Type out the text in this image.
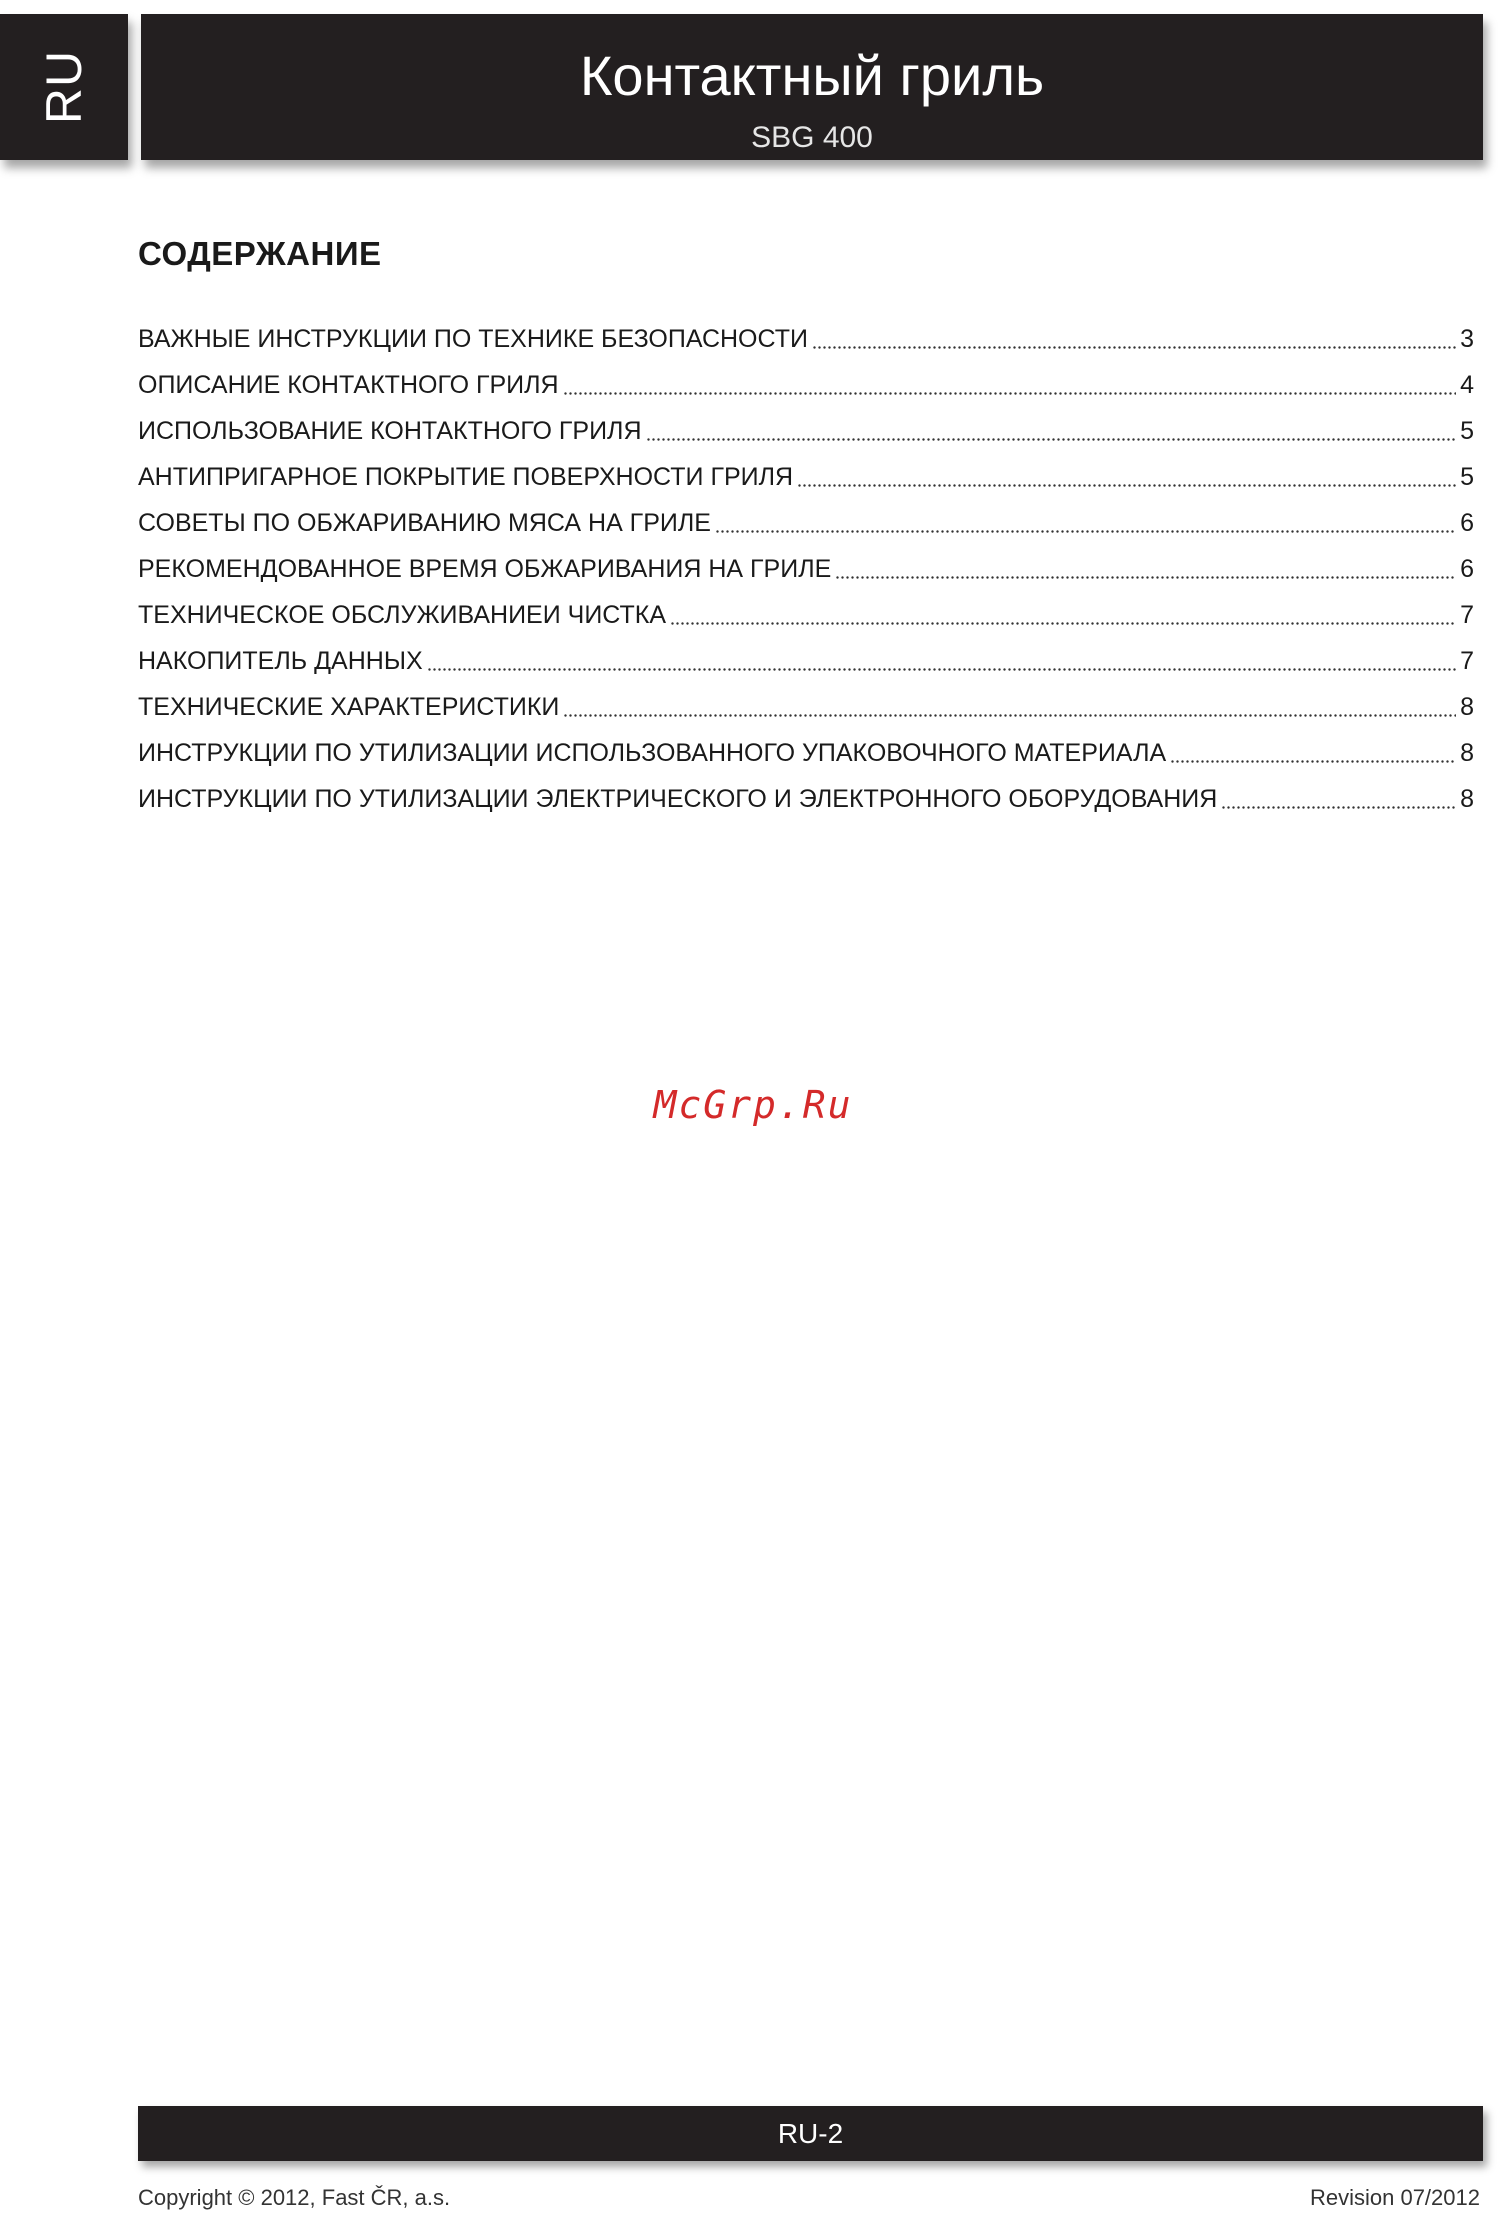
RU	Контактный гриль
SBG 400
СОДЕРЖАНИЕ
ВАЖНЫЕ ИНСТРУКЦИИ ПО ТЕХНИКЕ БЕЗОПАСНОСТИ	3
ОПИСАНИЕ КОНТАКТНОГО ГРИЛЯ	4
ИСПОЛЬЗОВАНИЕ КОНТАКТНОГО ГРИЛЯ	5
АНТИПРИГАРНОЕ ПОКРЫТИЕ ПОВЕРХНОСТИ ГРИЛЯ	5
СОВЕТЫ ПО ОБЖАРИВАНИЮ МЯСА НА ГРИЛЕ	6
РЕКОМЕНДОВАННОЕ ВРЕМЯ ОБЖАРИВАНИЯ НА ГРИЛЕ	6
ТЕХНИЧЕСКОЕ ОБСЛУЖИВАНИЕИ ЧИСТКА	7
НАКОПИТЕЛЬ ДАННЫХ	7
ТЕХНИЧЕСКИЕ ХАРАКТЕРИСТИКИ	8
ИНСТРУКЦИИ ПО УТИЛИЗАЦИИ ИСПОЛЬЗОВАННОГО УПАКОВОЧНОГО МАТЕРИАЛА	8
ИНСТРУКЦИИ ПО УТИЛИЗАЦИИ ЭЛЕКТРИЧЕСКОГО И ЭЛЕКТРОННОГО ОБОРУДОВАНИЯ	8
McGrp.Ru
RU-2
Copyright © 2012, Fast ČR, a.s.	Revision 07/2012
